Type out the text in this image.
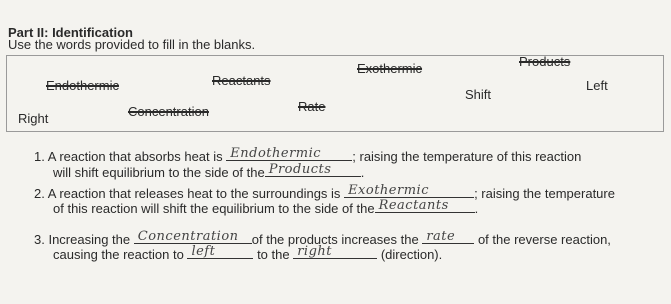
Part II: Identification
Use the words provided to fill in the blanks.
Endothermic	Reactants
Exothermic	Products
Shift
Left
Right	Concentration	Rate
1. A reaction that absorbs heat is Endothermic ; raising the temperature of this reaction
will shift equilibrium to the side of the Products .
2. A reaction that releases heat to the surroundings is Exothermic	; raising the temperature
of this reaction will shift the equilibrium to the side of the Reactants .
3. Increasing the Concentration of the products increases the rate of the reverse reaction,
causing the reaction to left	to the right	(direction).
